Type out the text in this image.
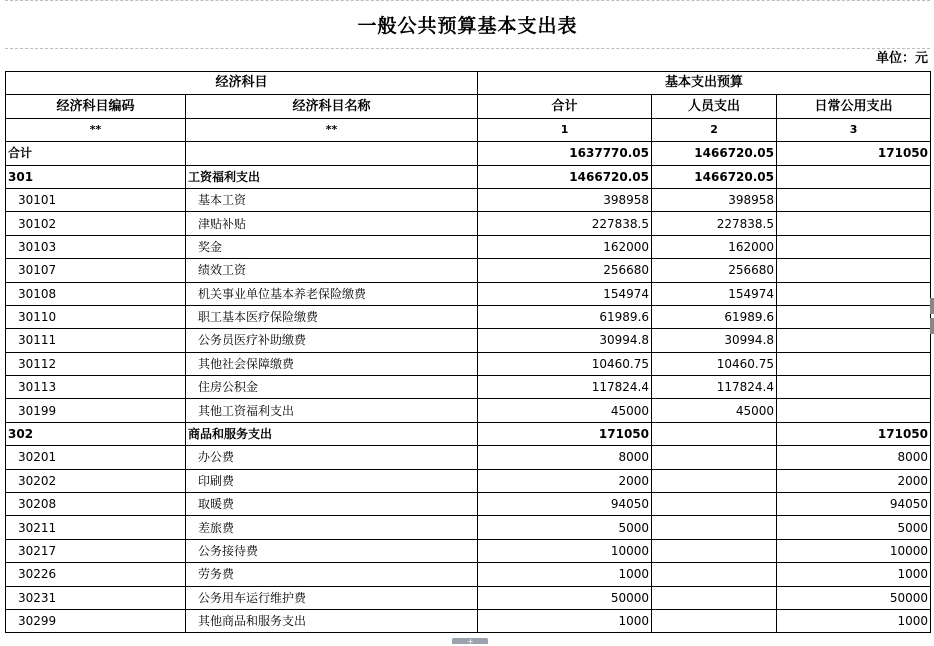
一般公共预算基本支出表
单位：元
经济科目		基本支出预算		
经济科目编码	经济科目名称	合计	人员支出	日常公用支出
**	**	1	2	3
合计		1637770.05	1466720.05	171050
301	工资福利支出	1466720.05	1466720.05	
30101	基本工资	398958	398958	
30102	津贴补贴	227838.5	227838.5	
30103	奖金	162000	162000	
30107	绩效工资	256680	256680	
30108	机关事业单位基本养老保险缴费	154974	154974	
30110	职工基本医疗保险缴费	61989.6	61989.6	
30111	公务员医疗补助缴费	30994.8	30994.8	
30112	其他社会保障缴费	10460.75	10460.75	
30113	住房公积金	117824.4	117824.4	
30199	其他工资福利支出	45000	45000	
302	商品和服务支出	171050		171050
30201	办公费	8000		8000
30202	印刷费	2000		2000
30208	取暖费	94050		94050
30211	差旅费	5000		5000
30217	公务接待费	10000		10000
30226	劳务费	1000		1000
30231	公务用车运行维护费	50000		50000
30299	其他商品和服务支出	1000		1000
+
